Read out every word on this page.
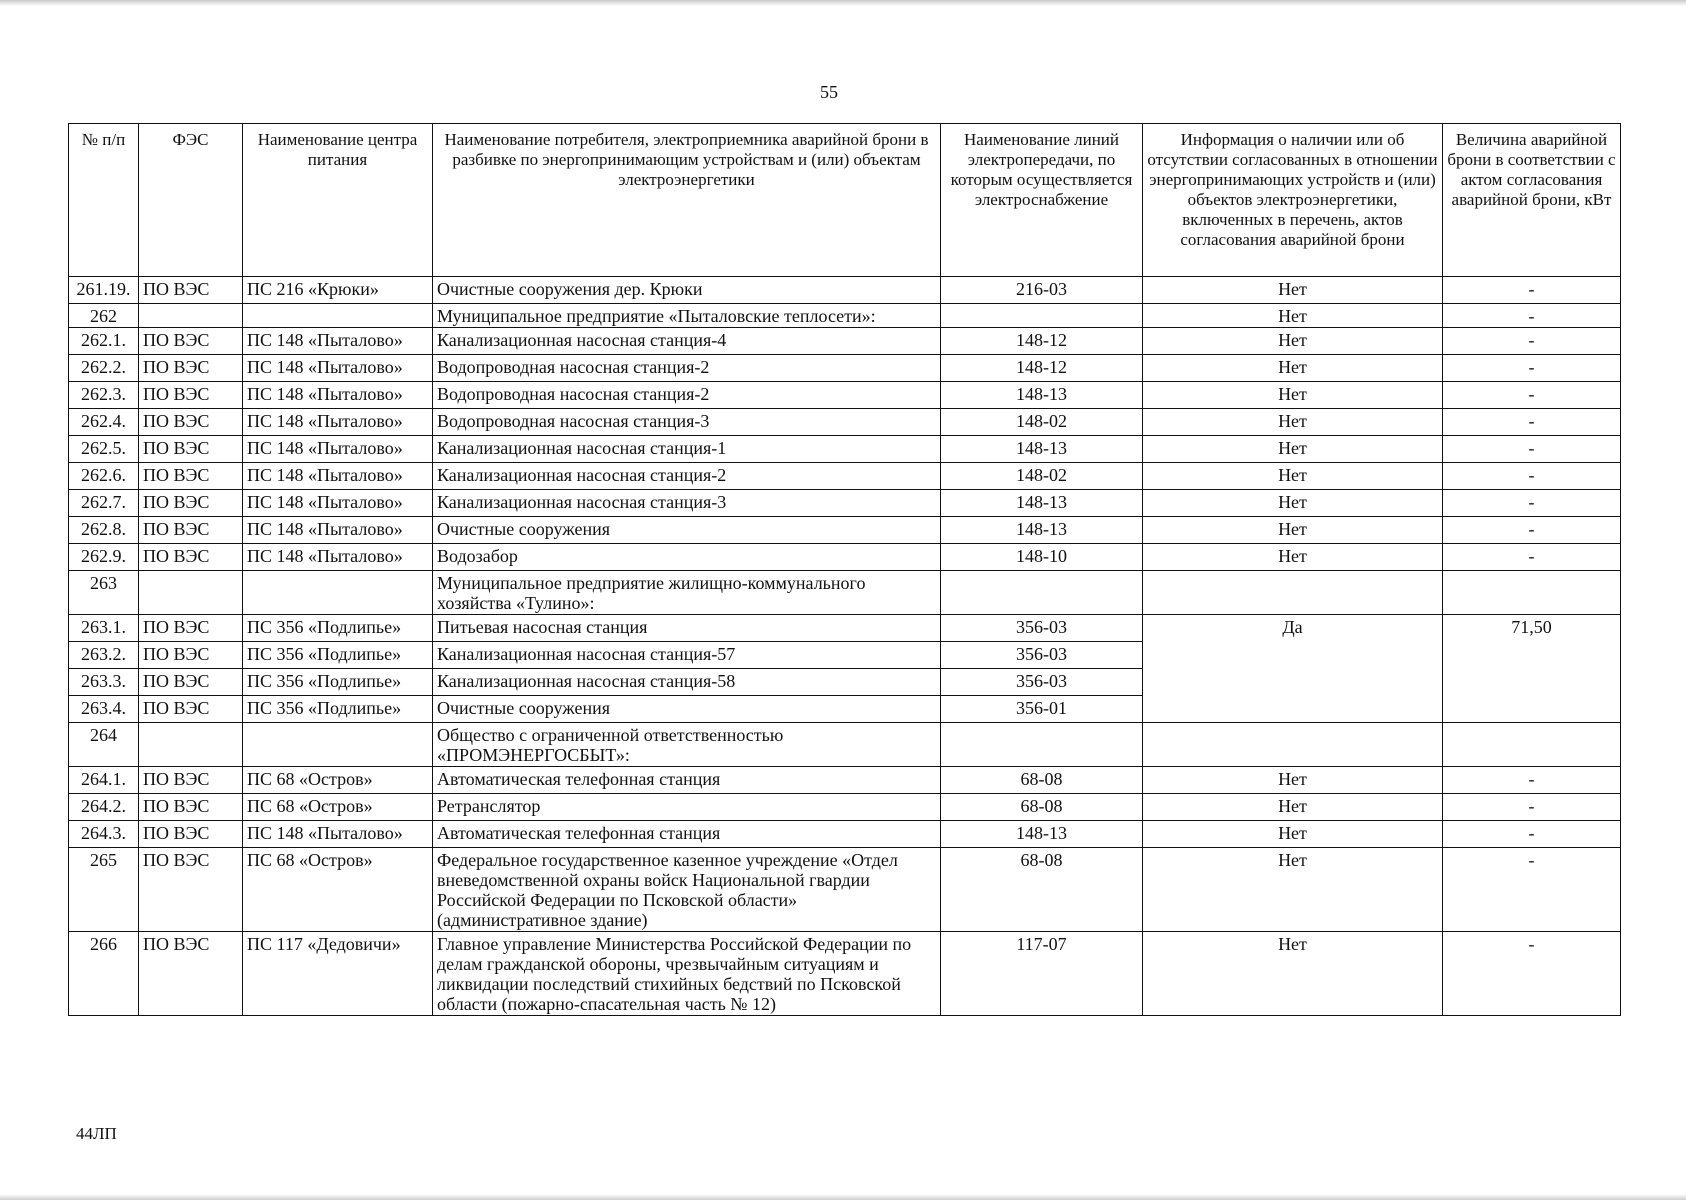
55
№ п/п	ФЭС	Наименование центра питания	Наименование потребителя, электроприемника аварийной брони в разбивке по энергопринимающим устройствам и (или) объектам электроэнергетики	Наименование линий электропередачи, по которым осуществляется электроснабжение	Информация о наличии или об отсутствии согласованных в отношении энергопринимающих устройств и (или) объектов электроэнергетики, включенных в перечень, актов согласования аварийной брони	Величина аварийной брони в соответствии с актом согласования аварийной брони, кВт
261.19.	ПО ВЭС	ПС 216 «Крюки»	Очистные сооружения дер. Крюки	216-03	Нет	-
262			Муниципальное предприятие «Пыталовские теплосети»:		Нет	-
262.1.	ПО ВЭС	ПС 148 «Пыталово»	Канализационная насосная станция-4	148-12	Нет	-
262.2.	ПО ВЭС	ПС 148 «Пыталово»	Водопроводная насосная станция-2	148-12	Нет	-
262.3.	ПО ВЭС	ПС 148 «Пыталово»	Водопроводная насосная станция-2	148-13	Нет	-
262.4.	ПО ВЭС	ПС 148 «Пыталово»	Водопроводная насосная станция-3	148-02	Нет	-
262.5.	ПО ВЭС	ПС 148 «Пыталово»	Канализационная насосная станция-1	148-13	Нет	-
262.6.	ПО ВЭС	ПС 148 «Пыталово»	Канализационная насосная станция-2	148-02	Нет	-
262.7.	ПО ВЭС	ПС 148 «Пыталово»	Канализационная насосная станция-3	148-13	Нет	-
262.8.	ПО ВЭС	ПС 148 «Пыталово»	Очистные сооружения	148-13	Нет	-
262.9.	ПО ВЭС	ПС 148 «Пыталово»	Водозабор	148-10	Нет	-
263			Муниципальное предприятие жилищно-коммунального хозяйства «Тулино»:			
263.1.	ПО ВЭС	ПС 356 «Подлипье»	Питьевая насосная станция	356-03	Да	71,50
263.2.	ПО ВЭС	ПС 356 «Подлипье»	Канализационная насосная станция-57	356-03		
263.3.	ПО ВЭС	ПС 356 «Подлипье»	Канализационная насосная станция-58	356-03		
263.4.	ПО ВЭС	ПС 356 «Подлипье»	Очистные сооружения	356-01		
264			Общество с ограниченной ответственностью «ПРОМЭНЕРГОСБЫТ»:			
264.1.	ПО ВЭС	ПС 68 «Остров»	Автоматическая телефонная станция	68-08	Нет	-
264.2.	ПО ВЭС	ПС 68 «Остров»	Ретранслятор	68-08	Нет	-
264.3.	ПО ВЭС	ПС 148 «Пыталово»	Автоматическая телефонная станция	148-13	Нет	-
265	ПО ВЭС	ПС 68 «Остров»	Федеральное государственное казенное учреждение «Отдел вневедомственной охраны войск Национальной гвардии Российской Федерации по Псковской области» (административное здание)	68-08	Нет	-
266	ПО ВЭС	ПС 117 «Дедовичи»	Главное управление Министерства Российской Федерации по делам гражданской обороны, чрезвычайным ситуациям и ликвидации последствий стихийных бедствий по Псковской области (пожарно-спасательная часть № 12)	117-07	Нет	-
44ЛП
